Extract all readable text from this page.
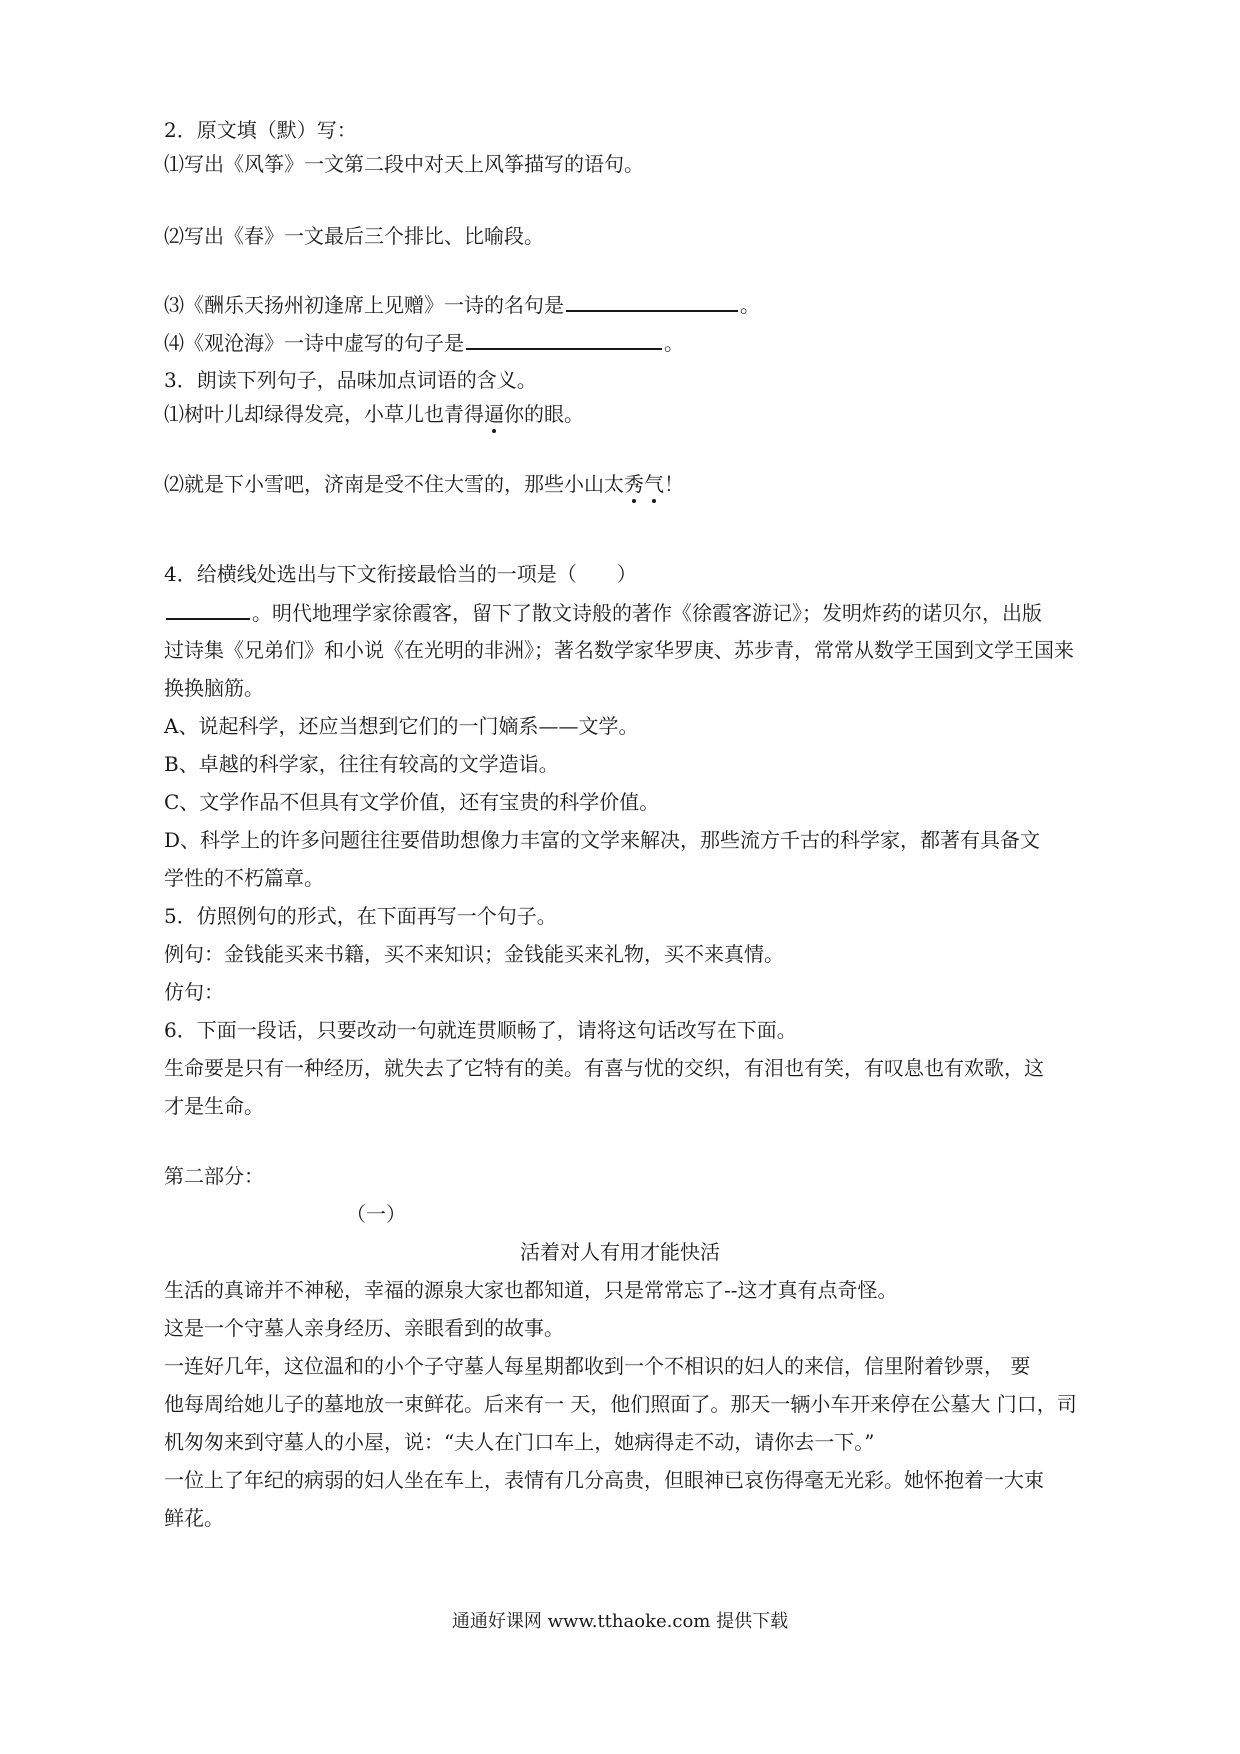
2．原文填（默）写：
⑴写出《风筝》一文第二段中对天上风筝描写的语句。
⑵写出《春》一文最后三个排比、比喻段。
⑶《酬乐天扬州初逢席上见赠》一诗的名句是	。
⑷《观沧海》一诗中虚写的句子是	。
3．朗读下列句子，品味加点词语的含义。
⑴树叶儿却绿得发亮，小草儿也青得逼你的眼。
⑵就是下小雪吧，济南是受不住大雪的，那些小山太秀气！
4．给横线处选出与下文衔接最恰当的一项是（　　）
。明代地理学家徐霞客，留下了散文诗般的著作《徐霞客游记》；发明炸药的诺贝尔，出版
过诗集《兄弟们》和小说《在光明的非洲》；著名数学家华罗庚、苏步青，常常从数学王国到文学王国来
换换脑筋。
A、说起科学，还应当想到它们的一门嫡系——文学。
B、卓越的科学家，往往有较高的文学造诣。
C、文学作品不但具有文学价值，还有宝贵的科学价值。
D、科学上的许多问题往往要借助想像力丰富的文学来解决，那些流方千古的科学家，都著有具备文
学性的不朽篇章。
5．仿照例句的形式，在下面再写一个句子。
例句：金钱能买来书籍，买不来知识；金钱能买来礼物，买不来真情。
仿句：
6．下面一段话，只要改动一句就连贯顺畅了，请将这句话改写在下面。
生命要是只有一种经历，就失去了它特有的美。有喜与忧的交织，有泪也有笑，有叹息也有欢歌，这
才是生命。
第二部分：
（一）
活着对人有用才能快活
生活的真谛并不神秘，幸福的源泉大家也都知道，只是常常忘了--这才真有点奇怪。
这是一个守墓人亲身经历、亲眼看到的故事。
一连好几年，这位温和的小个子守墓人每星期都收到一个不相识的妇人的来信，信里附着钞票， 要
他每周给她儿子的墓地放一束鲜花。后来有一 天，他们照面了。那天一辆小车开来停在公墓大 门口，司
机匆匆来到守墓人的小屋，说：“夫人在门口车上，她病得走不动，请你去一下。”
一位上了年纪的病弱的妇人坐在车上，表情有几分高贵，但眼神已哀伤得毫无光彩。她怀抱着一大束
鲜花。
通通好课网 www.tthaoke.com 提供下载
